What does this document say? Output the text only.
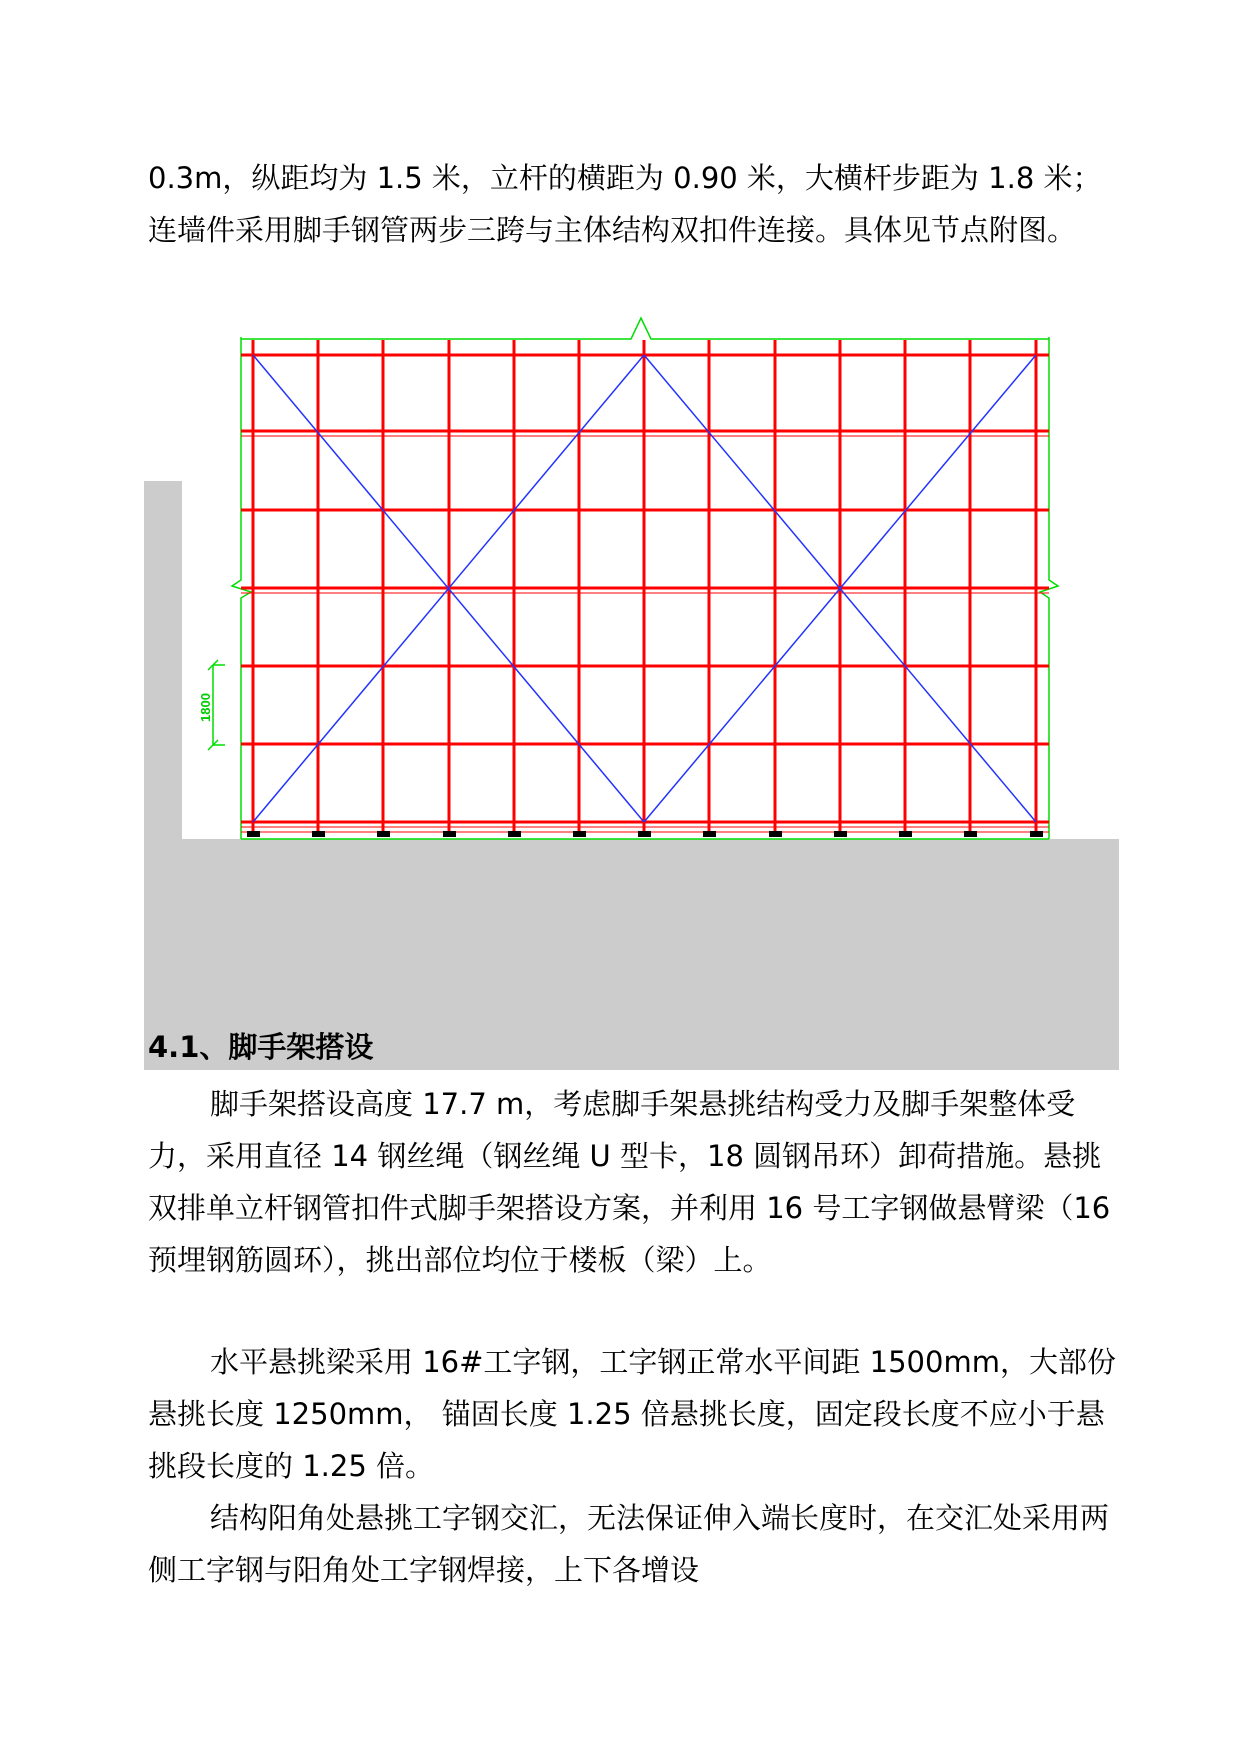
0.3m，纵距均为 1.5 米，立杆的横距为 0.90 米，大横杆步距为 1.8 米；连墙件采用脚手钢管两步三跨与主体结构双扣件连接。具体见节点附图。

1800
4.1、脚手架搭设

脚手架搭设高度 17.7 m，考虑脚手架悬挑结构受力及脚手架整体受力，采用直径 14 钢丝绳（钢丝绳 U 型卡，18 圆钢吊环）卸荷措施。悬挑双排单立杆钢管扣件式脚手架搭设方案，并利用 16 号工字钢做悬臂梁（16 预埋钢筋圆环），挑出部位均位于楼板（梁）上。

水平悬挑梁采用 16#工字钢，工字钢正常水平间距 1500mm，大部份悬挑长度 1250mm， 锚固长度 1.25 倍悬挑长度，固定段长度不应小于悬挑段长度的 1.25 倍。

结构阳角处悬挑工字钢交汇，无法保证伸入端长度时，在交汇处采用两侧工字钢与阳角处工字钢焊接，上下各增设
